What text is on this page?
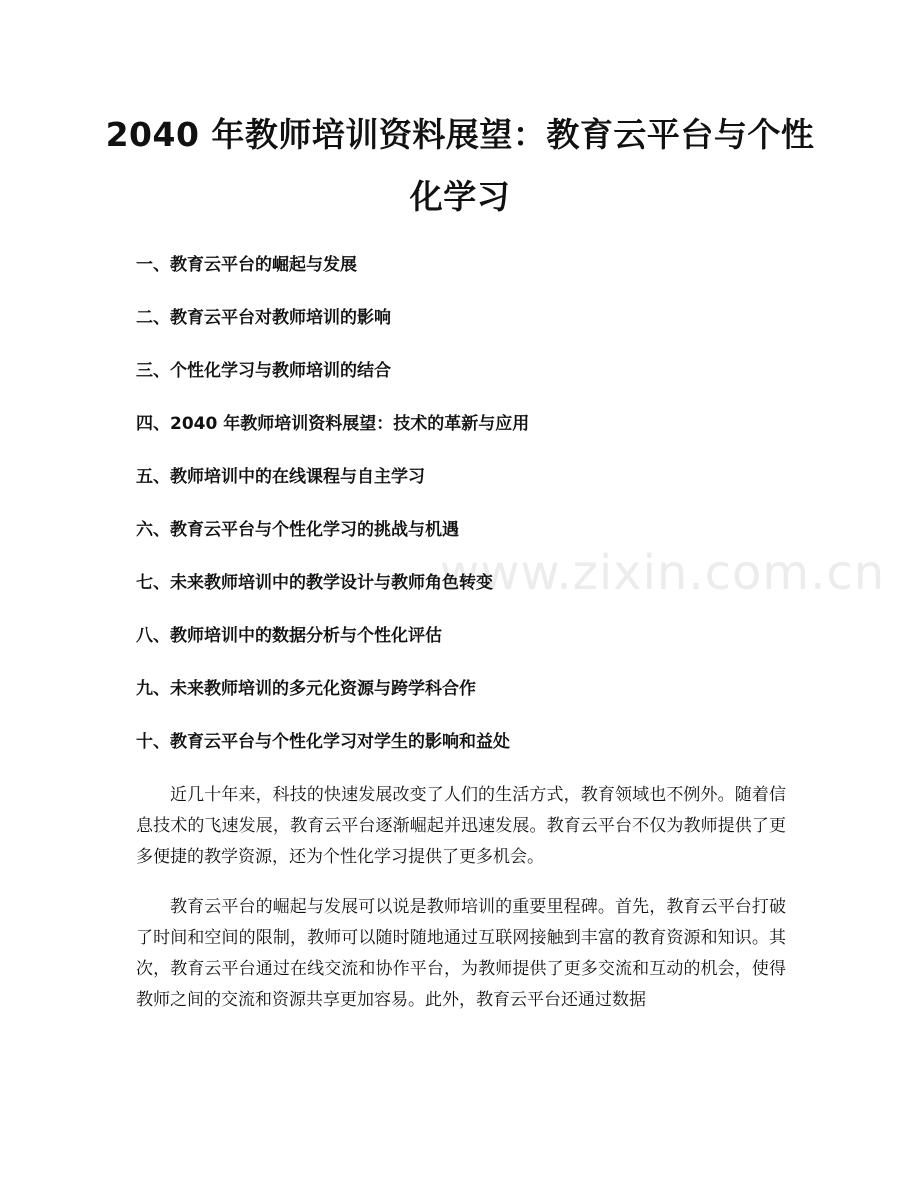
www.zixin.com.cn
2040 年教师培训资料展望：教育云平台与个性化学习
一、教育云平台的崛起与发展
二、教育云平台对教师培训的影响
三、个性化学习与教师培训的结合
四、2040 年教师培训资料展望：技术的革新与应用
五、教师培训中的在线课程与自主学习
六、教育云平台与个性化学习的挑战与机遇
七、未来教师培训中的教学设计与教师角色转变
八、教师培训中的数据分析与个性化评估
九、未来教师培训的多元化资源与跨学科合作
十、教育云平台与个性化学习对学生的影响和益处

近几十年来，科技的快速发展改变了人们的生活方式，教育领域也不例外。随着信息技术的飞速发展，教育云平台逐渐崛起并迅速发展。教育云平台不仅为教师提供了更多便捷的教学资源，还为个性化学习提供了更多机会。

教育云平台的崛起与发展可以说是教师培训的重要里程碑。首先，教育云平台打破了时间和空间的限制，教师可以随时随地通过互联网接触到丰富的教育资源和知识。其次，教育云平台通过在线交流和协作平台，为教师提供了更多交流和互动的机会，使得教师之间的交流和资源共享更加容易。此外，教育云平台还通过数据
